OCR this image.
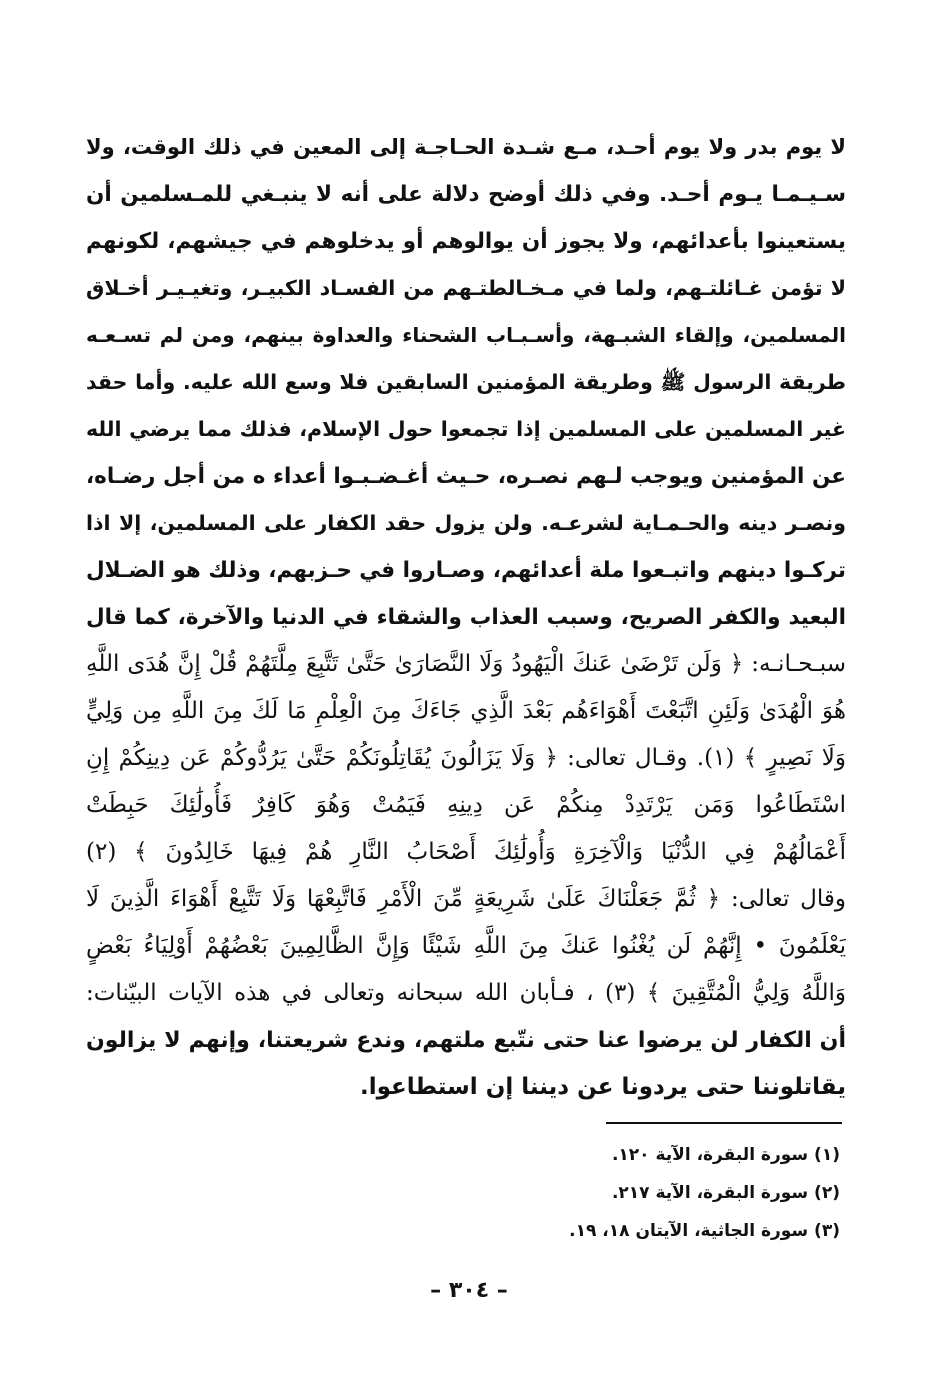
لا يوم بدر ولا يوم أحـد، مـع شـدة الحـاجـة إلى المعين في ذلك الوقت، ولا
سـيـمـا يـوم أحـد. وفي ذلك أوضح دلالة على أنه لا ينبـغي للمـسلمين أن
يستعينوا بأعدائهم، ولا يجوز أن يوالوهم أو يدخلوهم في جيشهم، لكونهم
لا تؤمن غـائلتـهم، ولما في مـخـالطتـهم من الفسـاد الكبيـر، وتغيـيـر أخـلاق
المسلمين، وإلقاء الشبـهة، وأسـبـاب الشحناء والعداوة بينهم، ومن لم تسـعـه
طريقة الرسول ﷺ وطريقة المؤمنين السابقين فلا وسع الله عليه. وأما حقد
غير المسلمين على المسلمين إذا تجمعوا حول الإسلام، فذلك مما يرضي الله
عن المؤمنين ويوجب لـهم نصـره، حـيث أغـضـبـوا أعداء ه من أجل رضـاه،
ونصـر دينه والحـمـاية لشرعـه. ولن يزول حقد الكفار على المسلمين، إلا اذا
تركـوا دينهم واتبـعوا ملة أعدائهم، وصـاروا في حـزبهم، وذلك هو الضـلال
البعيد والكفر الصريح، وسبب العذاب والشقاء في الدنيا والآخرة، كما قال
سبـحـانـه: ﴿ وَلَن تَرْضَىٰ عَنكَ الْيَهُودُ وَلَا النَّصَارَىٰ حَتَّىٰ تَتَّبِعَ مِلَّتَهُمْ قُلْ إِنَّ هُدَى اللَّهِ
هُوَ الْهُدَىٰ وَلَئِنِ اتَّبَعْتَ أَهْوَاءَهُم بَعْدَ الَّذِي جَاءَكَ مِنَ الْعِلْمِ مَا لَكَ مِنَ اللَّهِ مِن وَلِيٍّ
وَلَا نَصِيرٍ ﴾ (١). وقـال تعالى: ﴿ وَلَا يَزَالُونَ يُقَاتِلُونَكُمْ حَتَّىٰ يَرُدُّوكُمْ عَن دِينِكُمْ إِنِ
اسْتَطَاعُوا وَمَن يَرْتَدِدْ مِنكُمْ عَن دِينِهِ فَيَمُتْ وَهُوَ كَافِرٌ فَأُولَٰئِكَ حَبِطَتْ
أَعْمَالُهُمْ فِي الدُّنْيَا وَالْآخِرَةِ وَأُولَٰئِكَ أَصْحَابُ النَّارِ هُمْ فِيهَا خَالِدُونَ ﴾ (٢)
وقال تعالى: ﴿ ثُمَّ جَعَلْنَاكَ عَلَىٰ شَرِيعَةٍ مِّنَ الْأَمْرِ فَاتَّبِعْهَا وَلَا تَتَّبِعْ أَهْوَاءَ الَّذِينَ لَا
يَعْلَمُونَ • إِنَّهُمْ لَن يُغْنُوا عَنكَ مِنَ اللَّهِ شَيْئًا وَإِنَّ الظَّالِمِينَ بَعْضُهُمْ أَوْلِيَاءُ بَعْضٍ
وَاللَّهُ وَلِيُّ الْمُتَّقِينَ ﴾ (٣) ، فـأبان الله سبحانه وتعالى في هذه الآيات البيّنات:
أن الكفار لن يرضوا عنا حتى نتّبع ملتهم، وندع شريعتنا، وإنهم لا يزالون
يقاتلوننا حتى يردونا عن ديننا إن استطاعوا.
(١) سورة البقرة، الآية ١٢٠.
(٢) سورة البقرة، الآية ٢١٧.
(٣) سورة الجاثية، الآيتان ١٨، ١٩.
– ٣٠٤ –
